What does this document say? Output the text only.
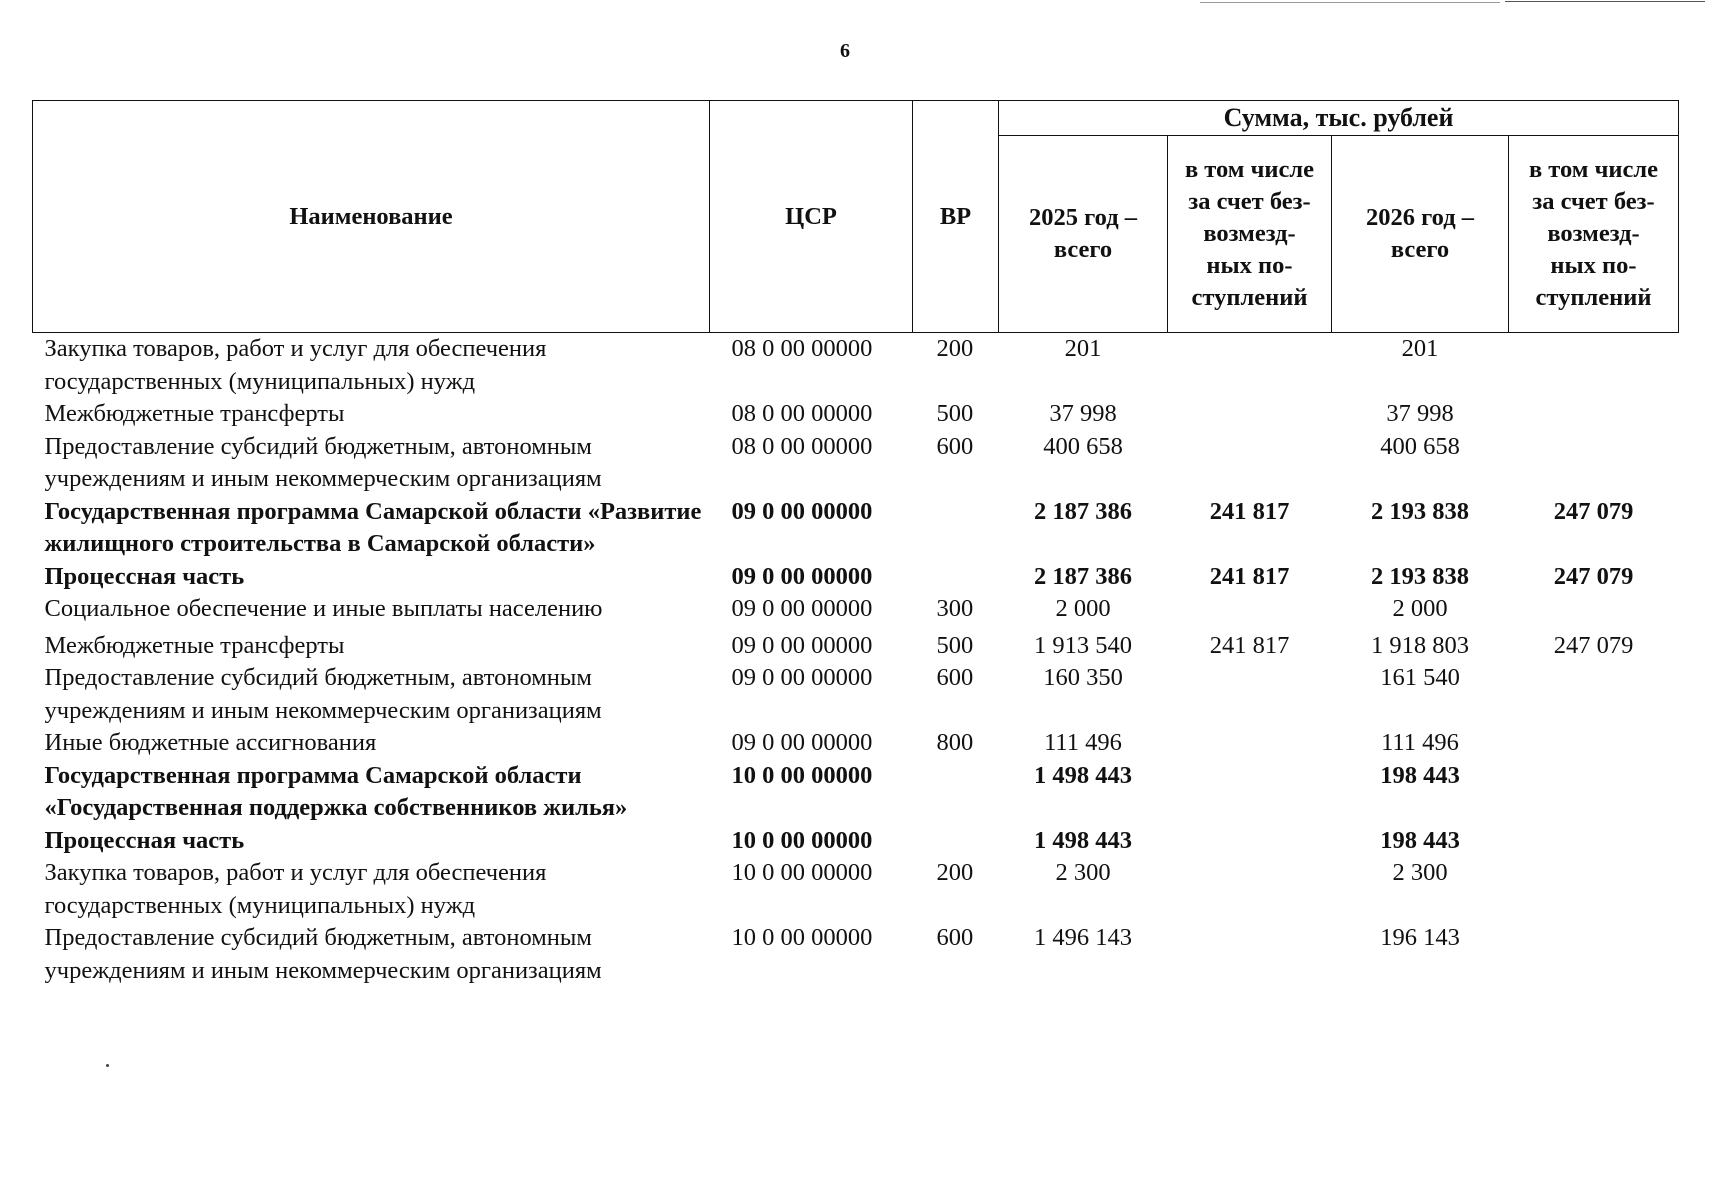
6
Наименование	ЦСР	ВР	Сумма, тыс. рублей			
			2025 год – всего	в том числе за счет без-возмезд-ных по-ступлений	2026 год – всего	в том числе за счет без-возмезд-ных по-ступлений
Закупка товаров, работ и услуг для обеспечения государственных (муниципальных) нужд	08 0 00 00000	200	201		201	
Межбюджетные трансферты	08 0 00 00000	500	37 998		37 998	
Предоставление субсидий бюджетным, автономным учреждениям и иным некоммерческим организациям	08 0 00 00000	600	400 658		400 658	
Государственная программа Самарской области «Развитие жилищного строительства в Самарской области»	09 0 00 00000		2 187 386	241 817	2 193 838	247 079
Процессная часть	09 0 00 00000		2 187 386	241 817	2 193 838	247 079
Социальное обеспечение и иные выплаты населению	09 0 00 00000	300	2 000		2 000	
Межбюджетные трансферты	09 0 00 00000	500	1 913 540	241 817	1 918 803	247 079
Предоставление субсидий бюджетным, автономным учреждениям и иным некоммерческим организациям	09 0 00 00000	600	160 350		161 540	
Иные бюджетные ассигнования	09 0 00 00000	800	111 496		111 496	
Государственная программа Самарской области «Государственная поддержка собственников жилья»	10 0 00 00000		1 498 443		198 443	
Процессная часть	10 0 00 00000		1 498 443		198 443	
Закупка товаров, работ и услуг для обеспечения государственных (муниципальных) нужд	10 0 00 00000	200	2 300		2 300	
Предоставление субсидий бюджетным, автономным учреждениям и иным некоммерческим организациям	10 0 00 00000	600	1 496 143		196 143	
